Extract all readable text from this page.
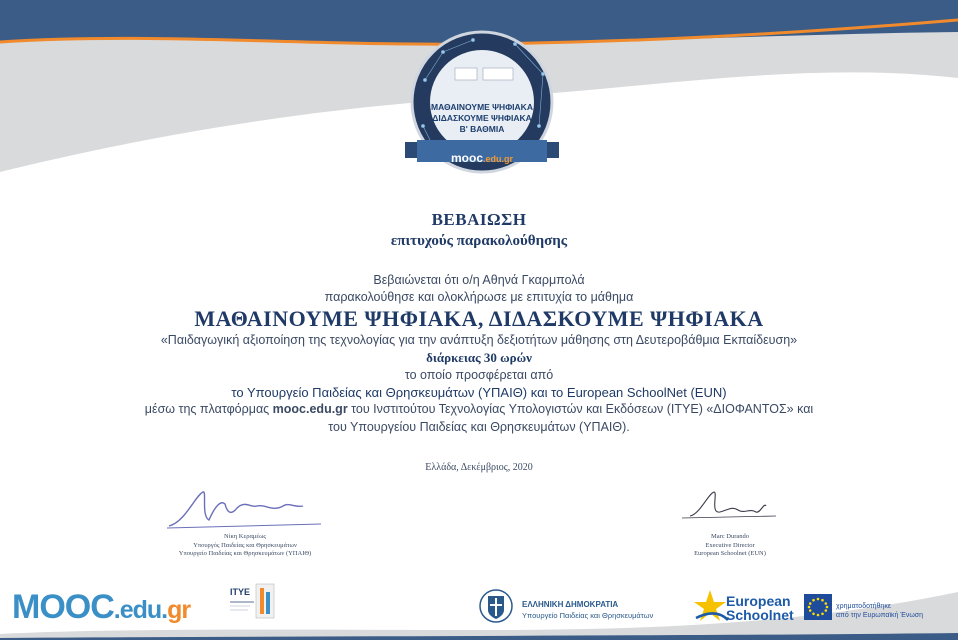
ΜΑΘΑΙΝΟΥΜΕ ΨΗΦΙΑΚΑ
ΔΙΔΑΣΚΟΥΜΕ ΨΗΦΙΑΚΑ
Β' ΒΑΘΜΙΑ
mooc.edu.gr
ΒΕΒΑΙΩΣΗ
επιτυχούς παρακολούθησης
Βεβαιώνεται ότι ο/η Αθηνά Γκαρμπολά
παρακολούθησε και ολοκλήρωσε με επιτυχία το μάθημα
ΜΑΘΑΙΝΟΥΜΕ ΨΗΦΙΑΚΑ, ΔΙΔΑΣΚΟΥΜΕ ΨΗΦΙΑΚΑ
«Παιδαγωγική αξιοποίηση της τεχνολογίας για την ανάπτυξη δεξιοτήτων μάθησης στη Δευτεροβάθμια Εκπαίδευση»
διάρκειας 30 ωρών
το οποίο προσφέρεται από
το Υπουργείο Παιδείας και Θρησκευμάτων (ΥΠΑΙΘ) και το European SchoolNet (EUN)
μέσω της πλατφόρμας mooc.edu.gr του Ινστιτούτου Τεχνολογίας Υπολογιστών και Εκδόσεων (ΙΤΥΕ) «ΔΙΟΦΑΝΤΟΣ» και
του Υπουργείου Παιδείας και Θρησκευμάτων (ΥΠΑΙΘ).
Ελλάδα, Δεκέμβριος, 2020
Νίκη Κεραμέως
Υπουργός Παιδείας και Θρησκευμάτων
Υπουργείο Παιδείας και Θρησκευμάτων (ΥΠΑΙΘ)
Marc Durando
Executive Director
European Schoolnet (EUN)
MOOC.edu.gr
ΙΤΥΕ
ΕΛΛΗΝΙΚΗ ΔΗΜΟΚΡΑΤΙΑ
Υπουργείο Παιδείας και Θρησκευμάτων
European
Schoolnet
χρηματοδοτήθηκε
από την Ευρωπαϊκή Ένωση
